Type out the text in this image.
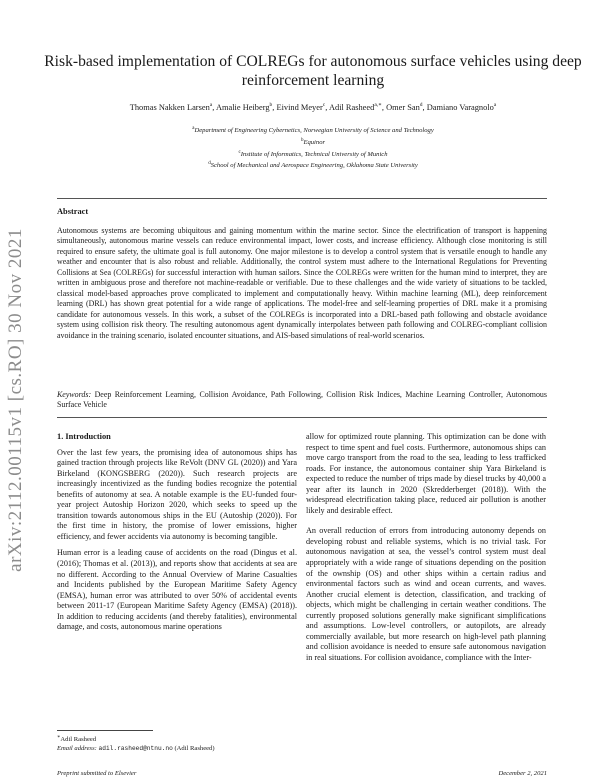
arXiv:2112.00115v1 [cs.RO] 30 Nov 2021
Risk-based implementation of COLREGs for autonomous surface vehicles using deep
reinforcement learning
Thomas Nakken Larsen$^a$, Amalie Heiberg$^b$, Eivind Meyer$^c$, Adil Rasheed$^{a,∗}$, Omer San$^d$, Damiano Varagnolo$^a$
$^a$Department of Engineering Cybernetics, Norwegian University of Science and Technology
$^b$Equinor
$^c$Institute of Informatics, Technical University of Munich
$^d$School of Mechanical and Aerospace Engineering, Oklahoma State University
Abstract
Autonomous systems are becoming ubiquitous and gaining momentum within the marine sector. Since the electrification of transport is happening simultaneously, autonomous marine vessels can reduce environmental impact, lower costs, and increase efficiency. Although close monitoring is still required to ensure safety, the ultimate goal is full autonomy. One major milestone is to develop a control system that is versatile enough to handle any weather and encounter that is also robust and reliable. Additionally, the control system must adhere to the International Regulations for Preventing Collisions at Sea (COLREGs) for successful interaction with human sailors. Since the COLREGs were written for the human mind to interpret, they are written in ambiguous prose and therefore not machine-readable or verifiable. Due to these challenges and the wide variety of situations to be tackled, classical model-based approaches prove complicated to implement and computationally heavy. Within machine learning (ML), deep reinforcement learning (DRL) has shown great potential for a wide range of applications. The model-free and self-learning properties of DRL make it a promising candidate for autonomous vessels. In this work, a subset of the COLREGs is incorporated into a DRL-based path following and obstacle avoidance system using collision risk theory. The resulting autonomous agent dynamically interpolates between path following and COLREG-compliant collision avoidance in the training scenario, isolated encounter situations, and AIS-based simulations of real-world scenarios.
Keywords: Deep Reinforcement Learning, Collision Avoidance, Path Following, Collision Risk Indices, Machine Learning Controller, Autonomous Surface Vehicle
1. Introduction

Over the last few years, the promising idea of autonomous ships has gained traction through projects like ReVolt (DNV GL (2020)) and Yara Birkeland (KONGSBERG (2020)). Such research projects are increasingly incentivized as the funding bodies recognize the potential benefits of autonomy at sea. A notable example is the EU-funded four-year project Autoship Horizon 2020, which seeks to speed up the transition towards autonomous ships in the EU (Autoship (2020)). For the first time in history, the promise of lower emissions, higher efficiency, and fewer accidents via autonomy is becoming tangible.

Human error is a leading cause of accidents on the road (Dingus et al. (2016); Thomas et al. (2013)), and reports show that accidents at sea are no different. According to the Annual Overview of Marine Casualties and Incidents published by the European Maritime Safety Agency (EMSA), human error was attributed to over 50% of accidental events between 2011-17 (European Maritime Safety Agency (EMSA) (2018)). In addition to reducing accidents (and thereby fatalities), environmental damage, and costs, autonomous marine operations

allow for optimized route planning. This optimization can be done with respect to time spent and fuel costs. Furthermore, autonomous ships can move cargo transport from the road to the sea, leading to less trafficked roads. For instance, the autonomous container ship Yara Birkeland is expected to reduce the number of trips made by diesel trucks by 40,000 a year after its launch in 2020 (Skredderberget (2018)). With the widespread electrification taking place, reduced air pollution is another likely and desirable effect.

An overall reduction of errors from introducing autonomy depends on developing robust and reliable systems, which is no trivial task. For autonomous navigation at sea, the vessel’s control system must deal appropriately with a wide range of situations depending on the position of the ownship (OS) and other ships within a certain radius and environmental factors such as wind and ocean currents, and waves. Another crucial element is detection, classification, and tracking of objects, which might be challenging in certain weather conditions. The currently proposed solutions generally make significant simplifications and assumptions. Low-level controllers, or autopilots, are already commercially available, but more research on high-level path planning and collision avoidance is needed to ensure safe autonomous navigation in real situations. For collision avoidance, compliance with the Inter-

∗Adil Rasheed
Email address: adil.rasheed@ntnu.no (Adil Rasheed)
Preprint submitted to Elsevier	December 2, 2021
